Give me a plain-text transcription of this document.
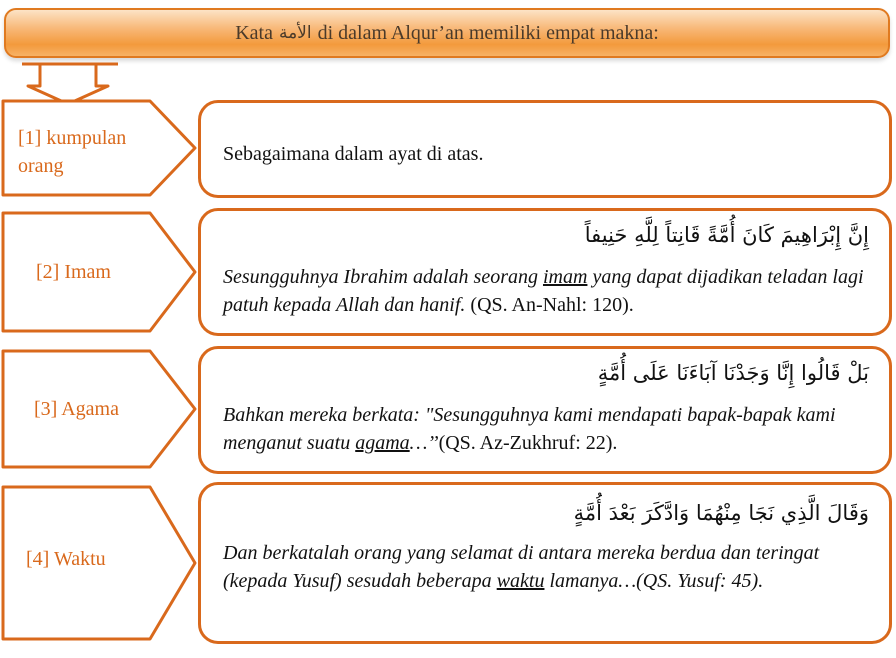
Kata الأمة di dalam Alqur’an memiliki empat makna:
[1] kumpulan orang
Sebagaimana dalam ayat di atas.
[2] Imam
إِنَّ إِبْرَاهِيمَ كَانَ أُمَّةً قَانِتاً لِلَّهِ حَنِيفاً
Sesungguhnya Ibrahim adalah seorang imam yang dapat dijadikan teladan lagi patuh kepada Allah dan hanif. (QS. An-Nahl: 120).
[3] Agama
بَلْ قَالُوا إِنَّا وَجَدْنَا آبَاءَنَا عَلَى أُمَّةٍ
Bahkan mereka berkata: "Sesungguhnya kami mendapati bapak-bapak kami menganut suatu agama…’’(QS. Az-Zukhruf: 22).
[4] Waktu
وَقَالَ الَّذِي نَجَا مِنْهُمَا وَادَّكَرَ بَعْدَ أُمَّةٍ
Dan berkatalah orang yang selamat di antara mereka berdua dan teringat (kepada Yusuf) sesudah beberapa waktu lamanya…(QS. Yusuf: 45).
